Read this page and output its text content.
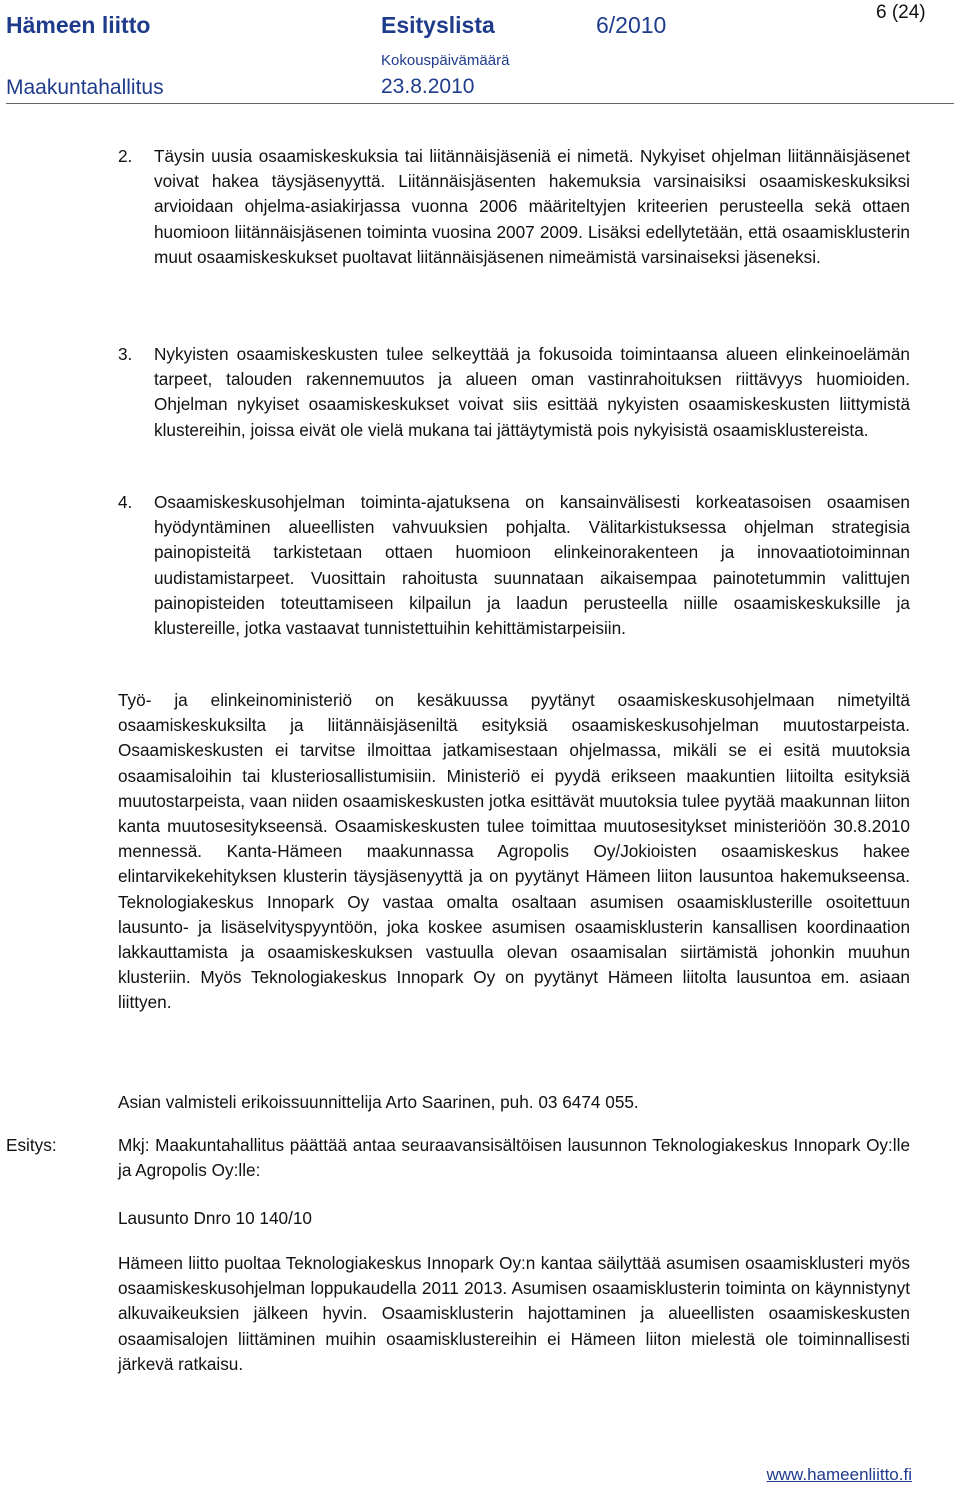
Hämeen liitto	Esityslista	6/2010	6 (24)
Maakuntahallitus
Kokouspäivämäärä
23.8.2010
2. Täysin uusia osaamiskeskuksia tai liitännäisjäseniä ei nimetä. Nykyiset ohjelman liitännäisjäsenet voivat hakea täysjäsenyyttä. Liitännäisjäsenten hakemuksia varsinaisiksi osaamiskeskuksiksi arvioidaan ohjelma-asiakirjassa vuonna 2006 määriteltyjen kriteerien perusteella sekä ottaen huomioon liitännäisjäsenen toiminta vuosina 2007 2009. Lisäksi edellytetään, että osaamisklusterin muut osaamiskeskukset puoltavat liitännäisjäsenen nimeämistä varsinaiseksi jäseneksi.
3. Nykyisten osaamiskeskusten tulee selkeyttää ja fokusoida toimintaansa alueen elinkeinoelämän tarpeet, talouden rakennemuutos ja alueen oman vastinrahoituksen riittävyys huomioiden. Ohjelman nykyiset osaamiskeskukset voivat siis esittää nykyisten osaamiskeskusten liittymistä klustereihin, joissa eivät ole vielä mukana tai jättäytymistä pois nykyisistä osaamisklustereista.
4. Osaamiskeskusohjelman toiminta-ajatuksena on kansainvälisesti korkeatasoisen osaamisen hyödyntäminen alueellisten vahvuuksien pohjalta. Välitarkistuksessa ohjelman strategisia painopisteitä tarkistetaan ottaen huomioon elinkeinorakenteen ja innovaatiotoiminnan uudistamistarpeet. Vuosittain rahoitusta suunnataan aikaisempaa painotetummin valittujen painopisteiden toteuttamiseen kilpailun ja laadun perusteella niille osaamiskeskuksille ja klustereille, jotka vastaavat tunnistettuihin kehittämistarpeisiin.
Työ- ja elinkeinoministeriö on kesäkuussa pyytänyt osaamiskeskusohjelmaan nimetyiltä osaamiskeskuksilta ja liitännäisjäseniltä esityksiä osaamiskeskusohjelman muutostarpeista. Osaamiskeskusten ei tarvitse ilmoittaa jatkamisestaan ohjelmassa, mikäli se ei esitä muutoksia osaamisaloihin tai klusteriosallistumisiin. Ministeriö ei pyydä erikseen maakuntien liitoilta esityksiä muutostarpeista, vaan niiden osaamiskeskusten jotka esittävät muutoksia tulee pyytää maakunnan liiton kanta muutosesitykseensä. Osaamiskeskusten tulee toimittaa muutosesitykset ministeriöön 30.8.2010 mennessä. Kanta-Hämeen maakunnassa Agropolis Oy/Jokioisten osaamiskeskus hakee elintarvikekehityksen klusterin täysjäsenyyttä ja on pyytänyt Hämeen liiton lausuntoa hakemukseensa. Teknologiakeskus Innopark Oy vastaa omalta osaltaan asumisen osaamisklusterille osoitettuun lausunto- ja lisäselvityspyyntöön, joka koskee asumisen osaamisklusterin kansallisen koordinaation lakkauttamista ja osaamiskeskuksen vastuulla olevan osaamisalan siirtämistä johonkin muuhun klusteriin. Myös Teknologiakeskus Innopark Oy on pyytänyt Hämeen liitolta lausuntoa em. asiaan liittyen.
Asian valmisteli erikoissuunnittelija Arto Saarinen, puh. 03 6474 055.
Esitys:	Mkj: Maakuntahallitus päättää antaa seuraavansisältöisen lausunnon Teknologiakeskus Innopark Oy:lle ja Agropolis Oy:lle:
Lausunto Dnro 10 140/10
Hämeen liitto puoltaa Teknologiakeskus Innopark Oy:n kantaa säilyttää asumisen osaamisklusteri myös osaamiskeskusohjelman loppukaudella 2011 2013. Asumisen osaamisklusterin toiminta on käynnistynyt alkuvaikeuksien jälkeen hyvin. Osaamisklusterin hajottaminen ja alueellisten osaamiskeskusten osaamisalojen liittäminen muihin osaamisklustereihin ei Hämeen liiton mielestä ole toiminnallisesti järkevä ratkaisu.
www.hameenliitto.fi
